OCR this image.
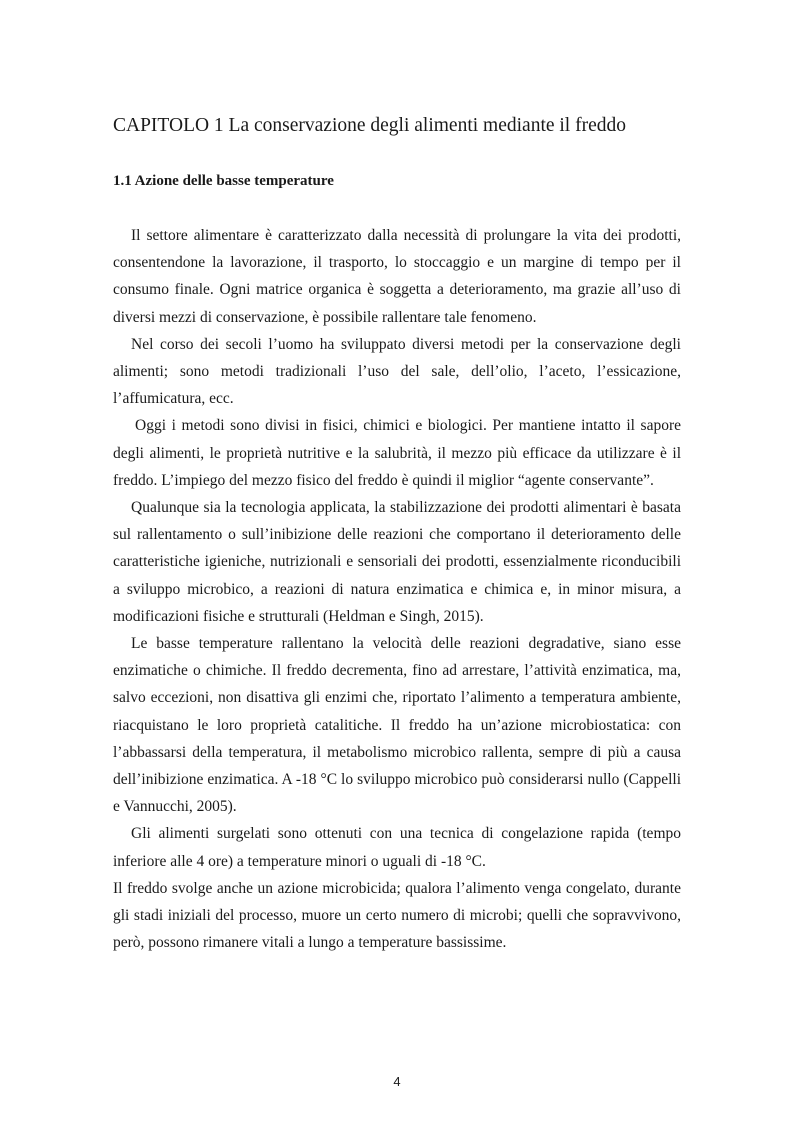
CAPITOLO 1 La conservazione degli alimenti mediante il freddo
1.1 Azione delle basse temperature

Il settore alimentare è caratterizzato dalla necessità di prolungare la vita dei prodotti, consentendone la lavorazione, il trasporto, lo stoccaggio e un margine di tempo per il consumo finale. Ogni matrice organica è soggetta a deterioramento, ma grazie all’uso di diversi mezzi di conservazione, è possibile rallentare tale fenomeno.

Nel corso dei secoli l’uomo ha sviluppato diversi metodi per la conservazione degli alimenti; sono metodi tradizionali l’uso del sale, dell’olio, l’aceto, l’essicazione, l’affumicatura, ecc.

Oggi i metodi sono divisi in fisici, chimici e biologici. Per mantiene intatto il sapore degli alimenti, le proprietà nutritive e la salubrità, il mezzo più efficace da utilizzare è il freddo. L’impiego del mezzo fisico del freddo è quindi il miglior “agente conservante”.

Qualunque sia la tecnologia applicata, la stabilizzazione dei prodotti alimentari è basata sul rallentamento o sull’inibizione delle reazioni che comportano il deterioramento delle caratteristiche igieniche, nutrizionali e sensoriali dei prodotti, essenzialmente riconducibili a sviluppo microbico, a reazioni di natura enzimatica e chimica e, in minor misura, a modificazioni fisiche e strutturali (Heldman e Singh, 2015).

Le basse temperature rallentano la velocità delle reazioni degradative, siano esse enzimatiche o chimiche. Il freddo decrementa, fino ad arrestare, l’attività enzimatica, ma, salvo eccezioni, non disattiva gli enzimi che, riportato l’alimento a temperatura ambiente, riacquistano le loro proprietà catalitiche. Il freddo ha un’azione microbiostatica: con l’abbassarsi della temperatura, il metabolismo microbico rallenta, sempre di più a causa dell’inibizione enzimatica. A -18 °C lo sviluppo microbico può considerarsi nullo (Cappelli e Vannucchi, 2005).

Gli alimenti surgelati sono ottenuti con una tecnica di congelazione rapida (tempo inferiore alle 4 ore) a temperature minori o uguali di -18 °C.

Il freddo svolge anche un azione microbicida; qualora l’alimento venga congelato, durante gli stadi iniziali del processo, muore un certo numero di microbi; quelli che sopravvivono, però, possono rimanere vitali a lungo a temperature bassissime.

4
